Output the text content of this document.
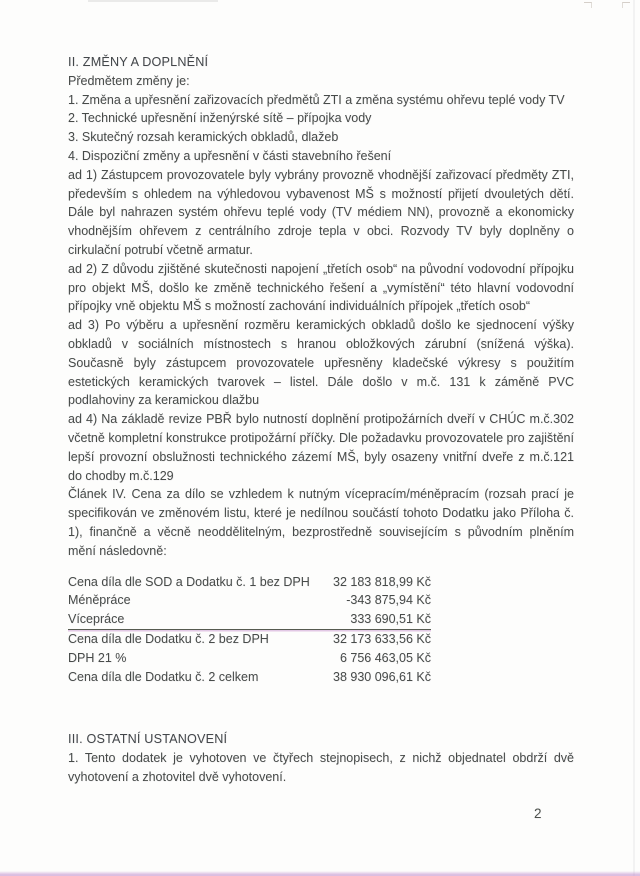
II. ZMĚNY A DOPLNĚNÍ
Předmětem změny je:
1. Změna a upřesnění zařizovacích předmětů ZTI a změna systému ohřevu teplé vody TV
2. Technické upřesnění inženýrské sítě – přípojka vody
3. Skutečný rozsah keramických obkladů, dlažeb
4. Dispoziční změny a upřesnění v části stavebního řešení

ad 1) Zástupcem provozovatele byly vybrány provozně vhodnější zařizovací předměty ZTI, především s ohledem na výhledovou vybavenost MŠ s možností přijetí dvouletých dětí. Dále byl nahrazen systém ohřevu teplé vody (TV médiem NN), provozně a ekonomicky vhodnějším ohřevem z centrálního zdroje tepla v obci. Rozvody TV byly doplněny o cirkulační potrubí včetně armatur.

ad 2) Z důvodu zjištěné skutečnosti napojení „třetích osob“ na původní vodovodní přípojku pro objekt MŠ, došlo ke změně technického řešení a „vymístění“ této hlavní vodovodní přípojky vně objektu MŠ s možností zachování individuálních přípojek „třetích osob“

ad 3) Po výběru a upřesnění rozměru keramických obkladů došlo ke sjednocení výšky obkladů v sociálních místnostech s hranou obložkových zárubní (snížená výška). Současně byly zástupcem provozovatele upřesněny kladečské výkresy s použitím estetických keramických tvarovek – listel. Dále došlo v m.č. 131 k záměně PVC podlahoviny za keramickou dlažbu

ad 4) Na základě revize PBŘ bylo nutností doplnění protipožárních dveří v CHÚC m.č.302 včetně kompletní konstrukce protipožární příčky. Dle požadavku provozovatele pro zajištění lepší provozní obslužnosti technického zázemí MŠ, byly osazeny vnitřní dveře z m.č.121 do chodby m.č.129

Článek IV. Cena za dílo se vzhledem k nutným vícepracím/méněpracím (rozsah prací je specifikován ve změnovém listu, které je nedílnou součástí tohoto Dodatku jako Příloha č. 1), finančně a věcně neoddělitelným, bezprostředně souvisejícím s původním plněním mění následovně:

Cena díla dle SOD a Dodatku č. 1 bez DPH 32 183 818,99 Kč
Méněpráce	-343 875,94 Kč
Vícepráce	333 690,51 Kč
Cena díla dle Dodatku č. 2 bez DPH	32 173 633,56 Kč
DPH 21 %	6 756 463,05 Kč
Cena díla dle Dodatku č. 2 celkem	38 930 096,61 Kč
III. OSTATNÍ USTANOVENÍ

1. Tento dodatek je vyhotoven ve čtyřech stejnopisech, z nichž objednatel obdrží dvě vyhotovení a zhotovitel dvě vyhotovení.

2
